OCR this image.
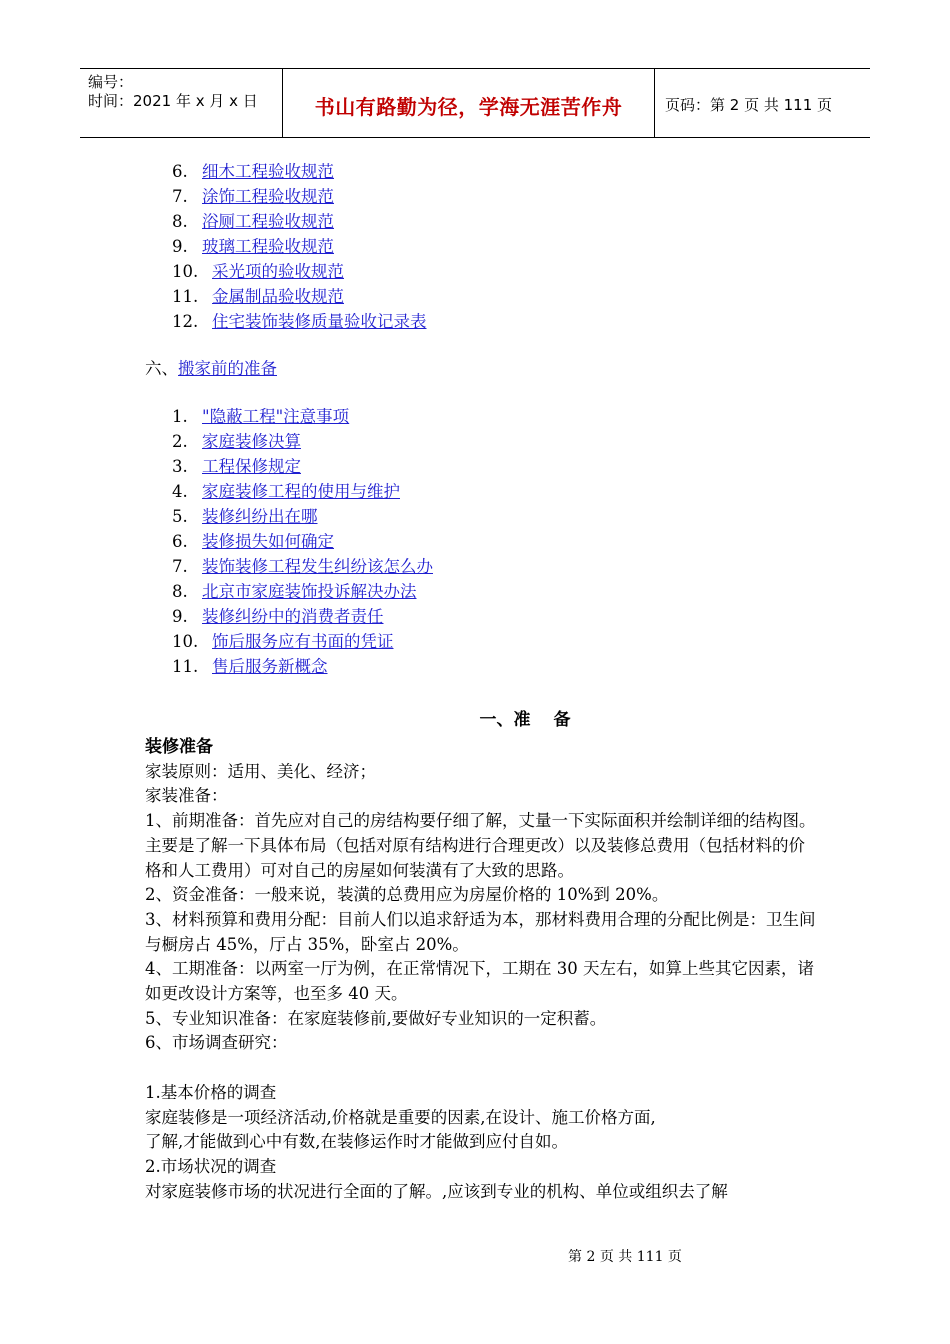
编号：
时间：2021 年 x 月 x 日	书山有路勤为径，学海无涯苦作舟	页码：第 2 页 共 111 页
6. 细木工程验收规范
7. 涂饰工程验收规范
8. 浴厕工程验收规范
9. 玻璃工程验收规范
10. 采光项的验收规范
11. 金属制品验收规范
12. 住宅装饰装修质量验收记录表
六、搬家前的准备
1. "隐蔽工程"注意事项
2. 家庭装修决算
3. 工程保修规定
4. 家庭装修工程的使用与维护
5. 装修纠纷出在哪
6. 装修损失如何确定
7. 装饰装修工程发生纠纷该怎么办
8. 北京市家庭装饰投诉解决办法
9. 装修纠纷中的消费者责任
10. 饰后服务应有书面的凭证
11. 售后服务新概念
一、准　 备

装修准备

家装原则：适用、美化、经济；

家装准备：

1、前期准备：首先应对自己的房结构要仔细了解，丈量一下实际面积并绘制详细的结构图。

主要是了解一下具体布局（包括对原有结构进行合理更改）以及装修总费用（包括材料的价

格和人工费用）可对自己的房屋如何装潢有了大致的思路。

2、资金准备：一般来说，装潢的总费用应为房屋价格的 10%到 20%。

3、材料预算和费用分配：目前人们以追求舒适为本，那材料费用合理的分配比例是：卫生间

与橱房占 45%，厅占 35%，卧室占 20%。

4、工期准备：以两室一厅为例，在正常情况下，工期在 30 天左右，如算上些其它因素，诸

如更改设计方案等，也至多 40 天。

5、专业知识准备：在家庭装修前,要做好专业知识的一定积蓄。

6、市场调查研究：

1.基本价格的调查

家庭装修是一项经济活动,价格就是重要的因素,在设计、施工价格方面,

了解,才能做到心中有数,在装修运作时才能做到应付自如。

2.市场状况的调查

对家庭装修市场的状况进行全面的了解。,应该到专业的机构、单位或组织去了解

第 2 页 共 111 页
